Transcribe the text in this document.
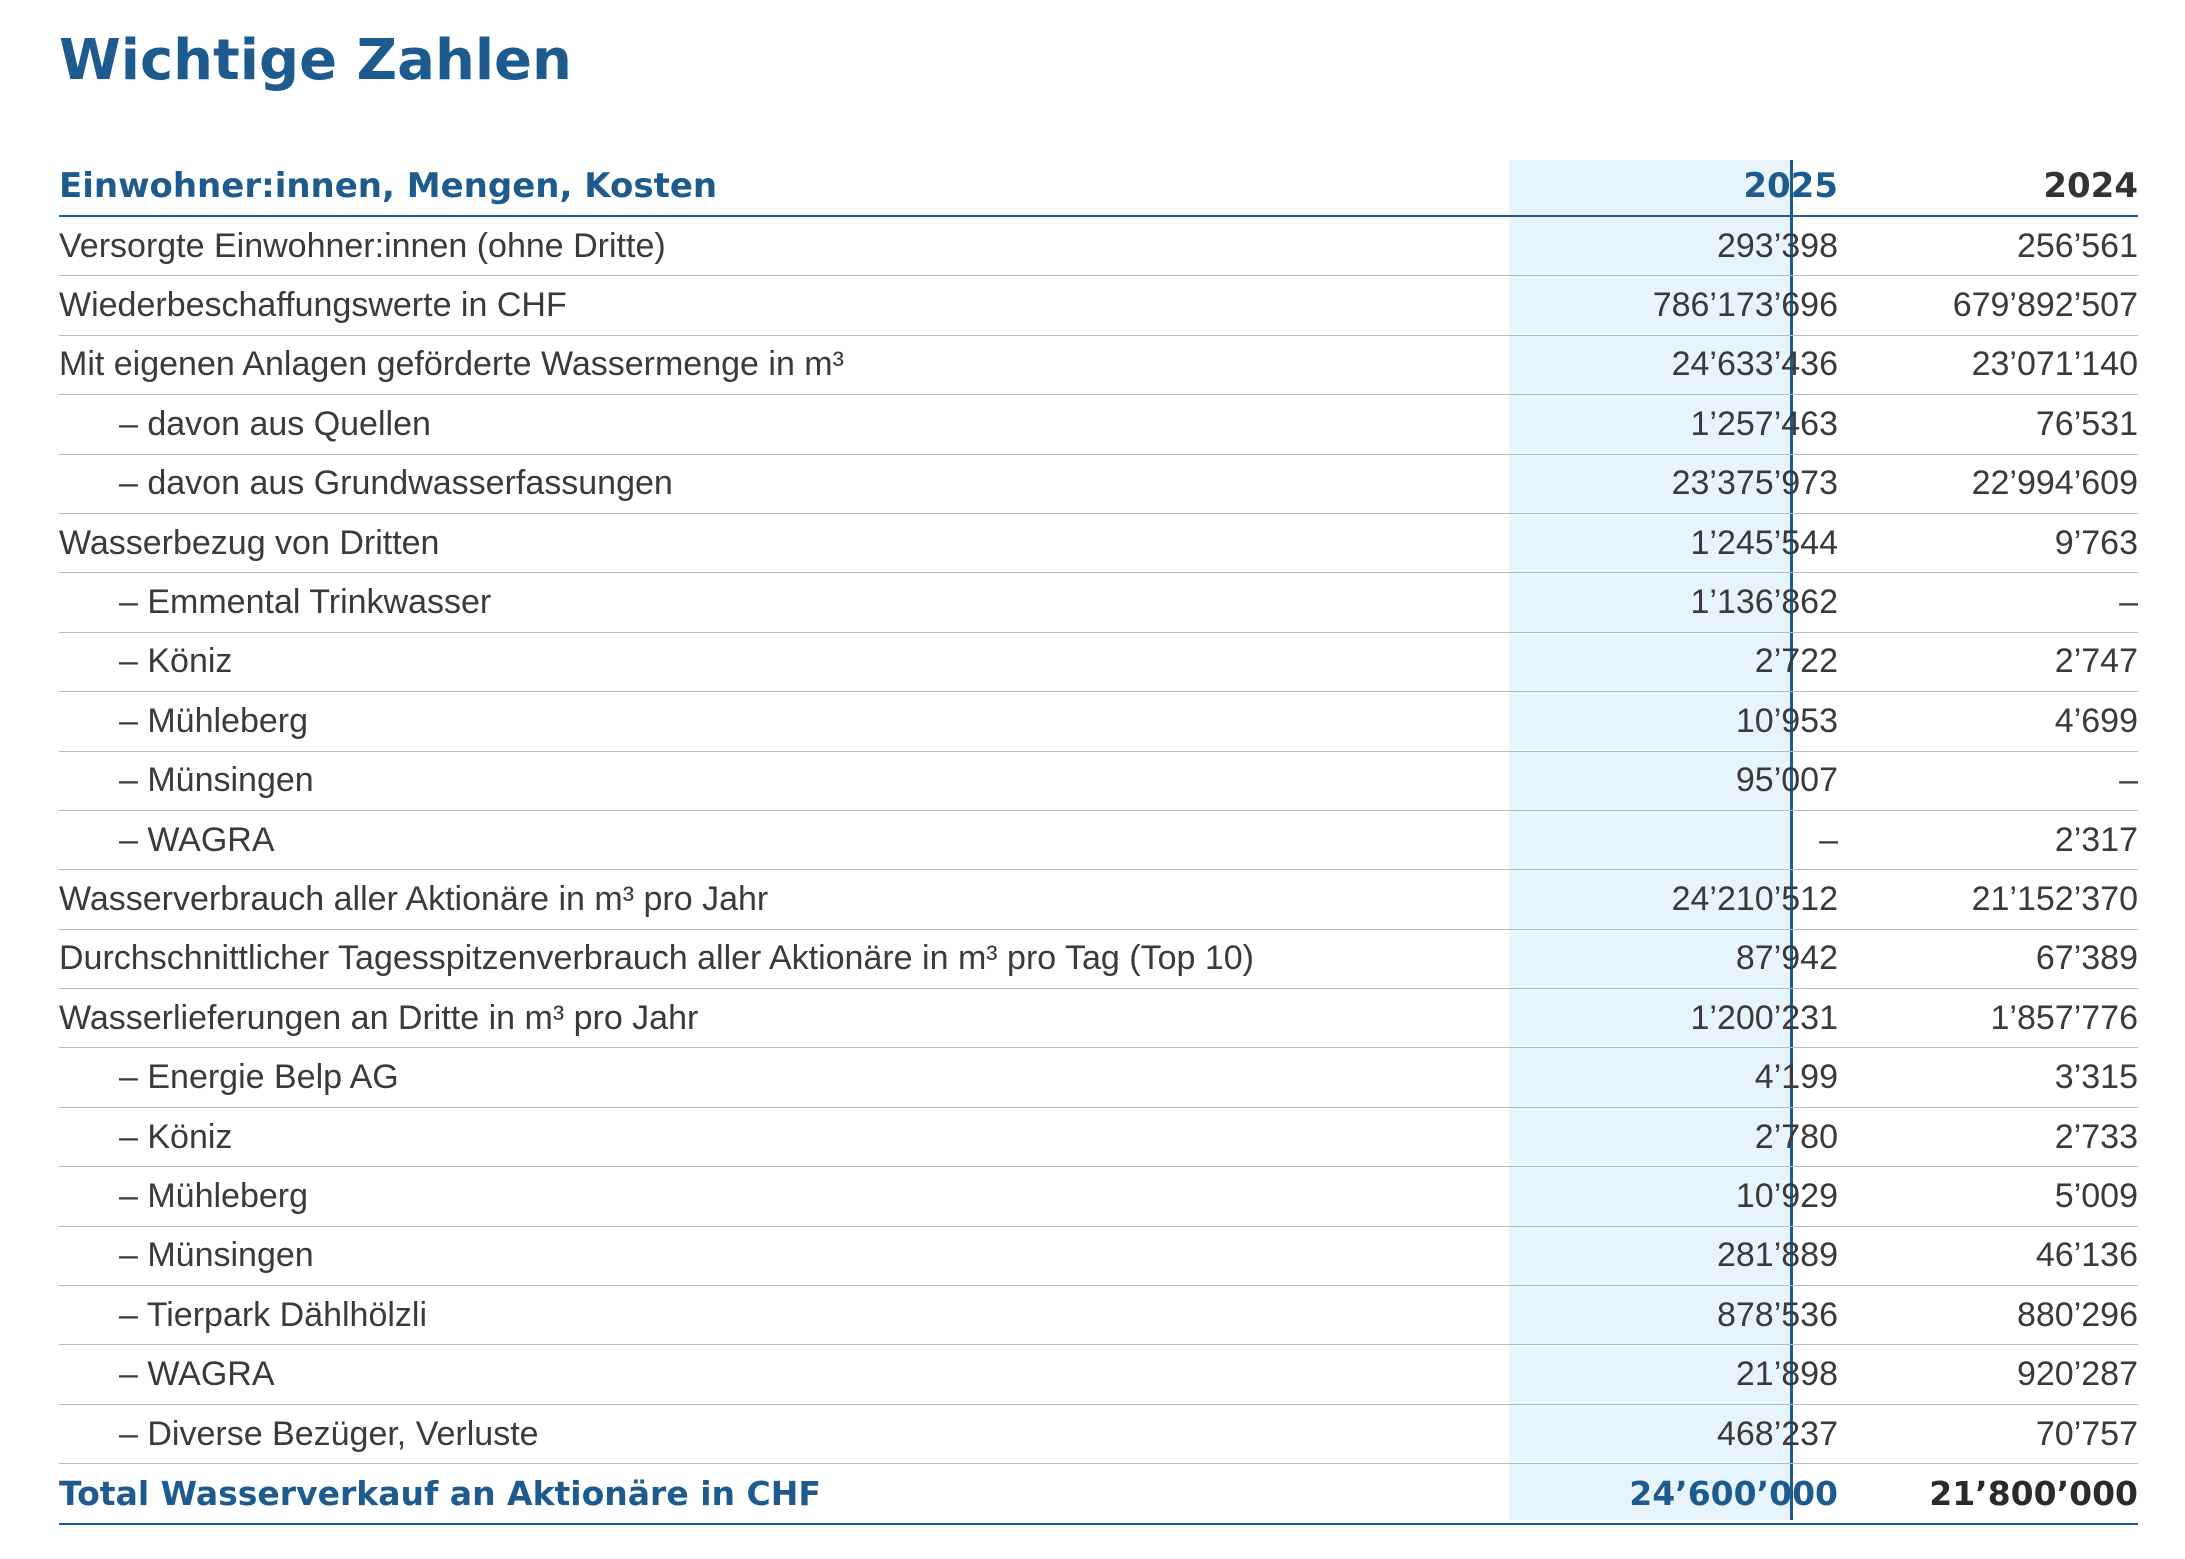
Wichtige Zahlen
Einwohner:innen, Mengen, Kosten	2025	2024
Versorgte Einwohner:innen (ohne Dritte)	293’398	256’561
Wiederbeschaffungswerte in CHF	786’173’696	679’892’507
Mit eigenen Anlagen geförderte Wassermenge in m³	24’633’436	23’071’140
– davon aus Quellen	1’257’463	76’531
– davon aus Grundwasserfassungen	23’375’973	22’994’609
Wasserbezug von Dritten	1’245’544	9’763
– Emmental Trinkwasser	1’136’862	–
– Köniz	2’722	2’747
– Mühleberg	10’953	4’699
– Münsingen	95’007	–
– WAGRA	–	2’317
Wasserverbrauch aller Aktionäre in m³ pro Jahr	24’210’512	21’152’370
Durchschnittlicher Tagesspitzenverbrauch aller Aktionäre in m³ pro Tag (Top 10)	87’942	67’389
Wasserlieferungen an Dritte in m³ pro Jahr	1’200’231	1’857’776
– Energie Belp AG	4’199	3’315
– Köniz	2’780	2’733
– Mühleberg	10’929	5’009
– Münsingen	281’889	46’136
– Tierpark Dählhölzli	878’536	880’296
– WAGRA	21’898	920’287
– Diverse Bezüger, Verluste	468’237	70’757
Total Wasserverkauf an Aktionäre in CHF	24’600’000	21’800’000
